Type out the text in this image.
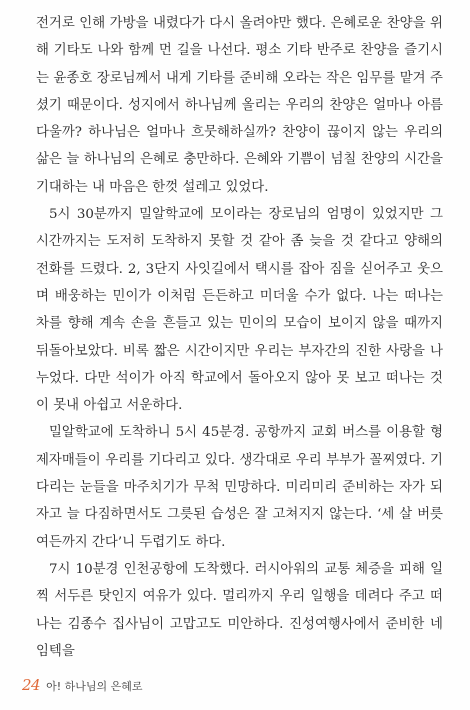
전거로 인해 가방을 내렸다가 다시 올려야만 했다. 은혜로운 찬양을 위해 기타도 나와 함께 먼 길을 나선다. 평소 기타 반주로 찬양을 즐기시는 윤종호 장로님께서 내게 기타를 준비해 오라는 작은 임무를 맡겨 주셨기 때문이다. 성지에서 하나님께 올리는 우리의 찬양은 얼마나 아름다울까? 하나님은 얼마나 흐뭇해하실까? 찬양이 끊이지 않는 우리의 삶은 늘 하나님의 은혜로 충만하다. 은혜와 기쁨이 넘칠 찬양의 시간을 기대하는 내 마음은 한껏 설레고 있었다.

5시 30분까지 밀알학교에 모이라는 장로님의 엄명이 있었지만 그 시간까지는 도저히 도착하지 못할 것 같아 좀 늦을 것 같다고 양해의 전화를 드렸다. 2, 3단지 사잇길에서 택시를 잡아 짐을 싣어주고 웃으며 배웅하는 민이가 이처럼 든든하고 미더울 수가 없다. 나는 떠나는 차를 향해 계속 손을 흔들고 있는 민이의 모습이 보이지 않을 때까지 뒤돌아보았다. 비록 짧은 시간이지만 우리는 부자간의 진한 사랑을 나누었다. 다만 석이가 아직 학교에서 돌아오지 않아 못 보고 떠나는 것이 못내 아쉽고 서운하다.

밀알학교에 도착하니 5시 45분경. 공항까지 교회 버스를 이용할 형제자매들이 우리를 기다리고 있다. 생각대로 우리 부부가 꼴찌였다. 기다리는 눈들을 마주치기가 무척 민망하다. 미리미리 준비하는 자가 되자고 늘 다짐하면서도 그릇된 습성은 잘 고쳐지지 않는다. ‘세 살 버릇 여든까지 간다’니 두렵기도 하다.

7시 10분경 인천공항에 도착했다. 러시아워의 교통 체증을 피해 일찍 서두른 탓인지 여유가 있다. 멀리까지 우리 일행을 데려다 주고 떠나는 김종수 집사님이 고맙고도 미안하다. 진성여행사에서 준비한 네임텍을

24 아! 하나님의 은혜로
